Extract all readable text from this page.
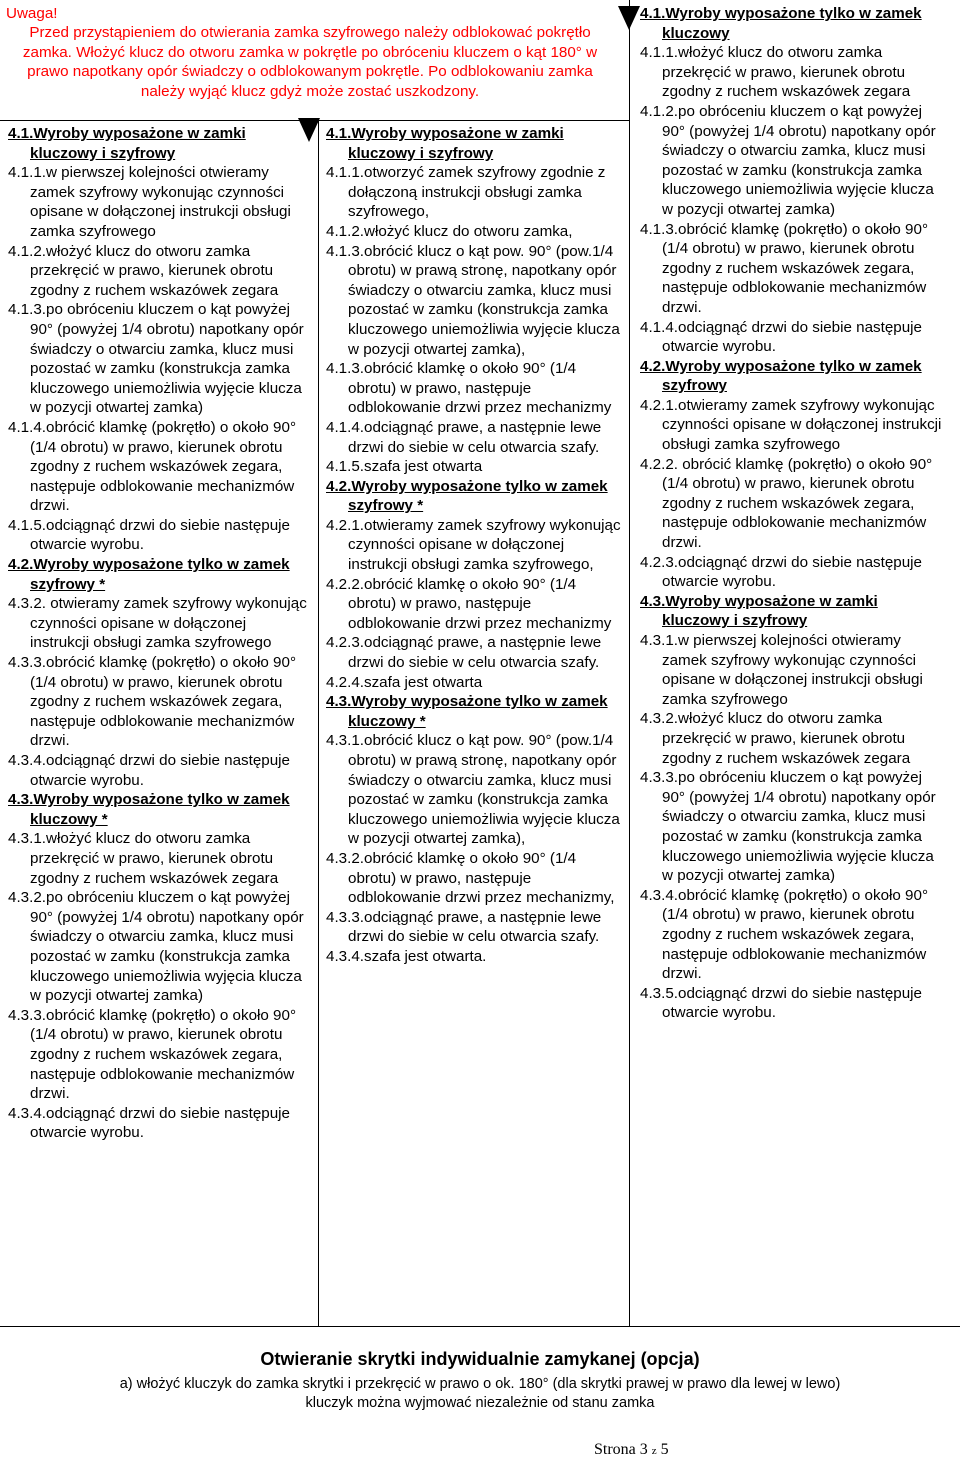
Uwaga!
Przed przystąpieniem do otwierania zamka szyfrowego należy odblokować pokrętło zamka. Włożyć klucz do otworu zamka w pokrętle po obróceniu kluczem o kąt 180° w prawo napotkany opór świadczy o odblokowanym pokrętle. Po odblokowaniu zamka należy wyjąć klucz gdyż może zostać uszkodzony.
4.1.Wyroby wyposażone w zamki kluczowy i szyfrowy
4.1.1.w pierwszej kolejności otwieramy zamek szyfrowy wykonując czynności opisane w dołączonej instrukcji obsługi zamka szyfrowego
4.1.2.włożyć klucz do otworu zamka przekręcić w prawo, kierunek obrotu zgodny z ruchem wskazówek zegara
4.1.3.po obróceniu kluczem o kąt powyżej 90° (powyżej 1/4 obrotu) napotkany opór świadczy o otwarciu zamka, klucz musi pozostać w zamku (konstrukcja zamka kluczowego uniemożliwia wyjęcie klucza w pozycji otwartej zamka)
4.1.4.obrócić klamkę (pokrętło) o około 90° (1/4 obrotu) w prawo, kierunek obrotu zgodny z ruchem wskazówek zegara, następuje odblokowanie mechanizmów drzwi.
4.1.5.odciągnąć drzwi do siebie następuje otwarcie wyrobu.
4.2.Wyroby wyposażone tylko w zamek szyfrowy *
4.3.2. otwieramy zamek szyfrowy wykonując czynności opisane w dołączonej instrukcji obsługi zamka szyfrowego
4.3.3.obrócić klamkę (pokrętło) o około 90° (1/4 obrotu) w prawo, kierunek obrotu zgodny z ruchem wskazówek zegara, następuje odblokowanie mechanizmów drzwi.
4.3.4.odciągnąć drzwi do siebie następuje otwarcie wyrobu.
4.3.Wyroby wyposażone tylko w zamek kluczowy *
4.3.1.włożyć klucz do otworu zamka przekręcić w prawo, kierunek obrotu zgodny z ruchem wskazówek zegara
4.3.2.po obróceniu kluczem o kąt powyżej 90° (powyżej 1/4 obrotu) napotkany opór świadczy o otwarciu zamka, klucz musi pozostać w zamku (konstrukcja zamka kluczowego uniemożliwia wyjęcia klucza w pozycji otwartej zamka)
4.3.3.obrócić klamkę (pokrętło) o około 90° (1/4 obrotu) w prawo, kierunek obrotu zgodny z ruchem wskazówek zegara, następuje odblokowanie mechanizmów drzwi.
4.3.4.odciągnąć drzwi do siebie następuje otwarcie wyrobu.
4.1.Wyroby wyposażone w zamki kluczowy i szyfrowy
4.1.1.otworzyć zamek szyfrowy zgodnie z dołączoną instrukcji obsługi zamka szyfrowego,
4.1.2.włożyć klucz do otworu zamka,
4.1.3.obrócić klucz o kąt pow. 90° (pow.1/4 obrotu) w prawą stronę, napotkany opór świadczy o otwarciu zamka, klucz musi pozostać w zamku (konstrukcja zamka kluczowego uniemożliwia wyjęcie klucza w pozycji otwartej zamka),
4.1.3.obrócić klamkę o około 90° (1/4 obrotu) w prawo, następuje odblokowanie drzwi przez mechanizmy
4.1.4.odciągnąć prawe, a następnie lewe drzwi do siebie w celu otwarcia szafy.
4.1.5.szafa jest otwarta
4.2.Wyroby wyposażone tylko w zamek szyfrowy *
4.2.1.otwieramy zamek szyfrowy wykonując czynności opisane w dołączonej instrukcji obsługi zamka szyfrowego,
4.2.2.obrócić klamkę o około 90° (1/4 obrotu) w prawo, następuje odblokowanie drzwi przez mechanizmy
4.2.3.odciągnąć prawe, a następnie lewe drzwi do siebie w celu otwarcia szafy.
4.2.4.szafa jest otwarta
4.3.Wyroby wyposażone tylko w zamek kluczowy *
4.3.1.obrócić klucz o kąt pow. 90° (pow.1/4 obrotu) w prawą stronę, napotkany opór świadczy o otwarciu zamka, klucz musi pozostać w zamku (konstrukcja zamka kluczowego uniemożliwia wyjęcie klucza w pozycji otwartej zamka),
4.3.2.obrócić klamkę o około 90° (1/4 obrotu) w prawo, następuje odblokowanie drzwi przez mechanizmy,
4.3.3.odciągnąć prawe, a następnie lewe drzwi do siebie w celu otwarcia szafy.
4.3.4.szafa jest otwarta.
4.1.Wyroby wyposażone tylko w zamek kluczowy
4.1.1.włożyć klucz do otworu zamka przekręcić w prawo, kierunek obrotu zgodny z ruchem wskazówek zegara
4.1.2.po obróceniu kluczem o kąt powyżej 90° (powyżej 1/4 obrotu) napotkany opór świadczy o otwarciu zamka, klucz musi pozostać w zamku (konstrukcja zamka kluczowego uniemożliwia wyjęcie klucza w pozycji otwartej zamka)
4.1.3.obrócić klamkę (pokrętło) o około 90° (1/4 obrotu) w prawo, kierunek obrotu zgodny z ruchem wskazówek zegara, następuje odblokowanie mechanizmów drzwi.
4.1.4.odciągnąć drzwi do siebie następuje otwarcie wyrobu.
4.2.Wyroby wyposażone tylko w zamek szyfrowy
4.2.1.otwieramy zamek szyfrowy wykonując czynności opisane w dołączonej instrukcji obsługi zamka szyfrowego
4.2.2. obrócić klamkę (pokrętło) o około 90° (1/4 obrotu) w prawo, kierunek obrotu zgodny z ruchem wskazówek zegara, następuje odblokowanie mechanizmów drzwi.
4.2.3.odciągnąć drzwi do siebie następuje otwarcie wyrobu.
4.3.Wyroby wyposażone w zamki kluczowy i szyfrowy
4.3.1.w pierwszej kolejności otwieramy zamek szyfrowy wykonując czynności opisane w dołączonej instrukcji obsługi zamka szyfrowego
4.3.2.włożyć klucz do otworu zamka przekręcić w prawo, kierunek obrotu zgodny z ruchem wskazówek zegara
4.3.3.po obróceniu kluczem o kąt powyżej 90° (powyżej 1/4 obrotu) napotkany opór świadczy o otwarciu zamka, klucz musi pozostać w zamku (konstrukcja zamka kluczowego uniemożliwia wyjęcie klucza w pozycji otwartej zamka)
4.3.4.obrócić klamkę (pokrętło) o około 90° (1/4 obrotu) w prawo, kierunek obrotu zgodny z ruchem wskazówek zegara, następuje odblokowanie mechanizmów drzwi.
4.3.5.odciągnąć drzwi do siebie następuje otwarcie wyrobu.
Otwieranie skrytki indywidualnie zamykanej (opcja)
a) włożyć kluczyk do zamka skrytki i przekręcić w prawo o ok. 180° (dla skrytki prawej w prawo dla lewej w lewo) kluczyk można wyjmować niezależnie od stanu zamka
Strona 3 z 5
